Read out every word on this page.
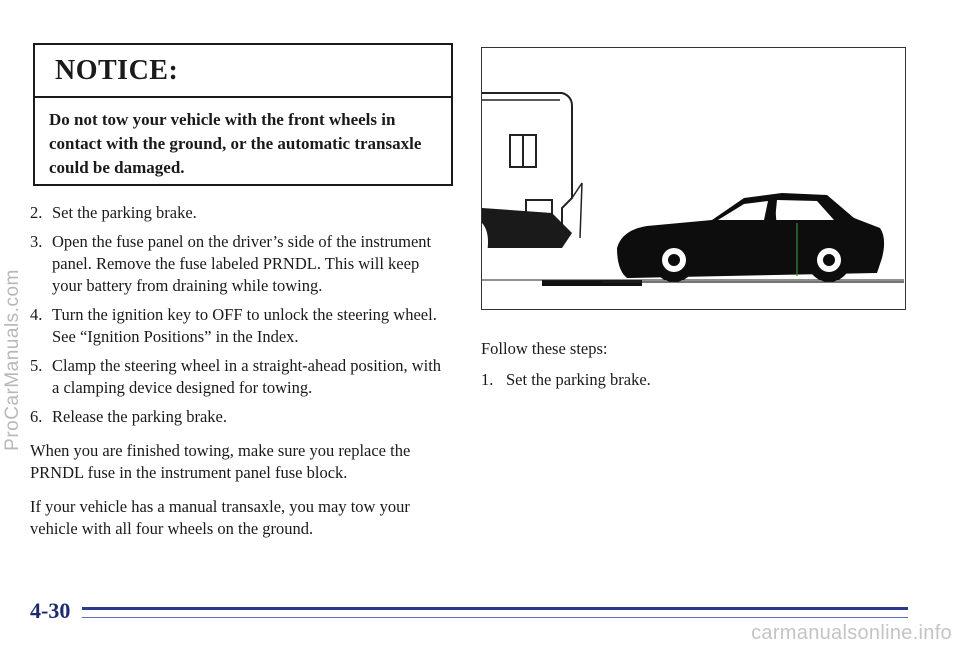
NOTICE:
Do not tow your vehicle with the front wheels in contact with the ground, or the automatic transaxle could be damaged.
2. Set the parking brake.
3. Open the fuse panel on the driver’s side of the instrument panel. Remove the fuse labeled PRNDL. This will keep your battery from draining while towing.
4. Turn the ignition key to OFF to unlock the steering wheel. See “Ignition Positions” in the Index.
5. Clamp the steering wheel in a straight-ahead position, with a clamping device designed for towing.
6. Release the parking brake.

When you are finished towing, make sure you replace the PRNDL fuse in the instrument panel fuse block.

If your vehicle has a manual transaxle, you may tow your vehicle with all four wheels on the ground.

Follow these steps:

1. Set the parking brake.
4-30
ProCarManuals.com
carmanualsonline.info
